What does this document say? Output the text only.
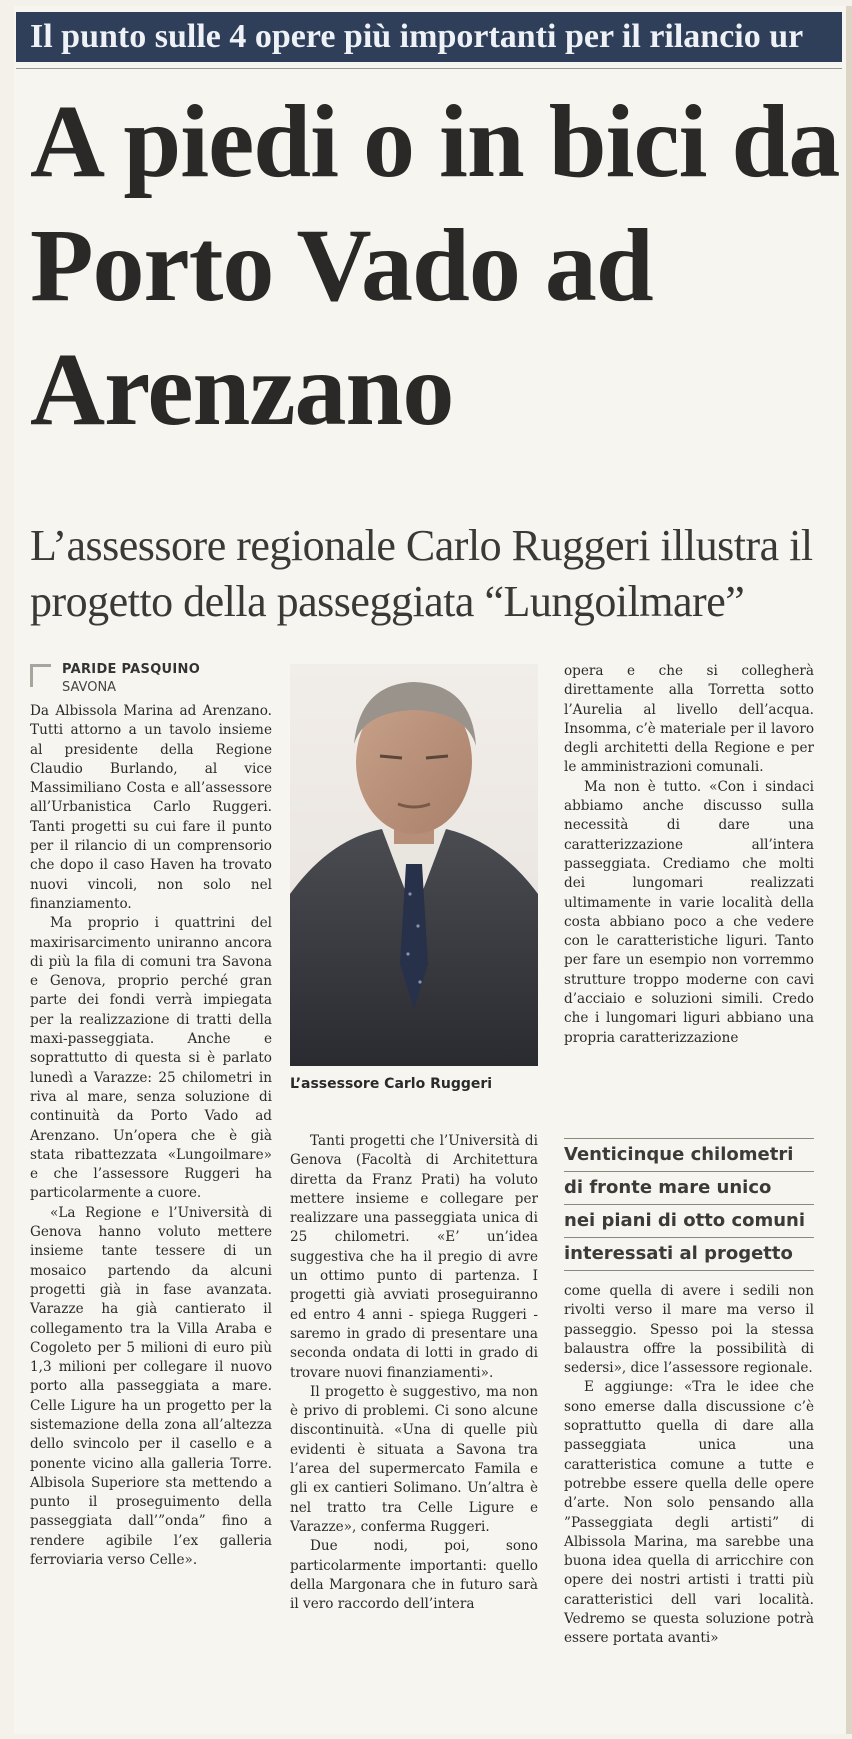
Il punto sulle 4 opere più importanti per il rilancio ur
A piedi o in bici da Porto Vado ad Arenzano
L’assessore regionale Carlo Ruggeri illustra il progetto della passeggiata “Lungoilmare”
PARIDE PASQUINO
SAVONA

Da Albissola Marina ad Arenzano. Tutti attorno a un tavolo insieme al presidente della Regione Claudio Burlando, al vice Massimiliano Costa e all’assessore all’Urbanistica Carlo Ruggeri. Tanti progetti su cui fare il punto per il rilancio di un comprensorio che dopo il caso Haven ha trovato nuovi vincoli, non solo nel finanziamento.

Ma proprio i quattrini del maxirisarcimento uniranno ancora di più la fila di comuni tra Savona e Genova, proprio perché gran parte dei fondi verrà impiegata per la realizzazione di tratti della maxi-passeggiata. Anche e soprattutto di questa si è parlato lunedì a Varazze: 25 chilometri in riva al mare, senza soluzione di continuità da Porto Vado ad Arenzano. Un’opera che è già stata ribattezzata «Lungoilmare» e che l’assessore Ruggeri ha particolarmente a cuore.

«La Regione e l’Università di Genova hanno voluto mettere insieme tante tessere di un mosaico partendo da alcuni progetti già in fase avanzata. Varazze ha già cantierato il collegamento tra la Villa Araba e Cogoleto per 5 milioni di euro più 1,3 milioni per collegare il nuovo porto alla passeggiata a mare. Celle Ligure ha un progetto per la sistemazione della zona all’altezza dello svincolo per il casello e a ponente vicino alla galleria Torre. Albisola Superiore sta mettendo a punto il proseguimento della passeggiata dall’”onda” fino a rendere agibile l’ex galleria ferroviaria verso Celle».

L’assessore Carlo Ruggeri

Tanti progetti che l’Università di Genova (Facoltà di Architettura diretta da Franz Prati) ha voluto mettere insieme e collegare per realizzare una passeggiata unica di 25 chilometri. «E’ un’idea suggestiva che ha il pregio di avre un ottimo punto di partenza. I progetti già avviati proseguiranno ed entro 4 anni - spiega Ruggeri - saremo in grado di presentare una seconda ondata di lotti in grado di trovare nuovi finanziamenti».

Il progetto è suggestivo, ma non è privo di problemi. Ci sono alcune discontinuità. «Una di quelle più evidenti è situata a Savona tra l’area del supermercato Famila e gli ex cantieri Solimano. Un’altra è nel tratto tra Celle Ligure e Varazze», conferma Ruggeri.

Due nodi, poi, sono particolarmente importanti: quello della Margonara che in futuro sarà il vero raccordo dell’intera

opera e che si collegherà direttamente alla Torretta sotto l’Aurelia al livello dell’acqua. Insomma, c’è materiale per il lavoro degli architetti della Regione e per le amministrazioni comunali.

Ma non è tutto. «Con i sindaci abbiamo anche discusso sulla necessità di dare una caratterizzazione all’intera passeggiata. Crediamo che molti dei lungomari realizzati ultimamente in varie località della costa abbiano poco a che vedere con le caratteristiche liguri. Tanto per fare un esempio non vorremmo strutture troppo moderne con cavi d’acciaio e soluzioni simili. Credo che i lungomari liguri abbiano una propria caratterizzazione

Venticinque chilometri
di fronte mare unico
nei piani di otto comuni
interessati al progetto

come quella di avere i sedili non rivolti verso il mare ma verso il passeggio. Spesso poi la stessa balaustra offre la possibilità di sedersi», dice l’assessore regionale.

E aggiunge: «Tra le idee che sono emerse dalla discussione c’è soprattutto quella di dare alla passeggiata unica una caratteristica comune a tutte e potrebbe essere quella delle opere d’arte. Non solo pensando alla ”Passeggiata degli artisti” di Albissola Marina, ma sarebbe una buona idea quella di arricchire con opere dei nostri artisti i tratti più caratteristici dell vari località. Vedremo se questa soluzione potrà essere portata avanti»
